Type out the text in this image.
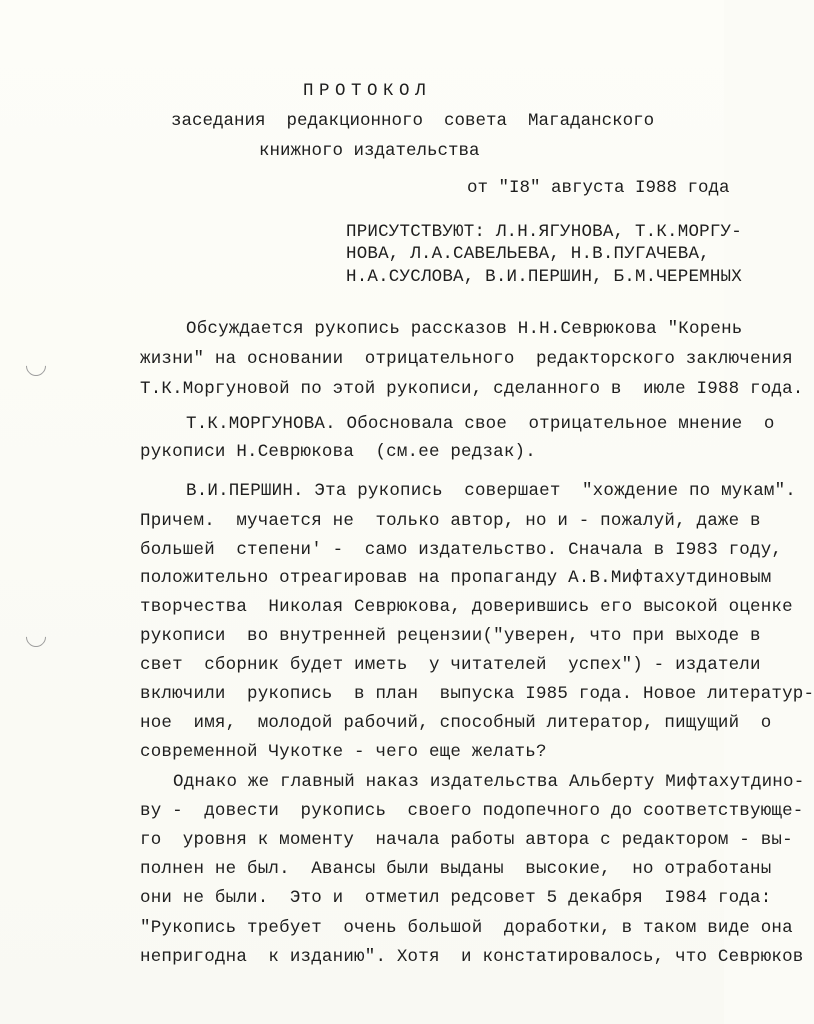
ПРОТОКОЛ
заседания  редакционного  совета  Магаданского
книжного издательства
от "I8" августа I988 года
ПРИСУТСТВУЮТ: Л.Н.ЯГУНОВА, Т.К.МОРГУ-
НОВА, Л.А.САВЕЛЬЕВА, Н.В.ПУГАЧЕВА,
Н.А.СУСЛОВА, В.И.ПЕРШИН, Б.М.ЧЕРЕМНЫХ
Обсуждается рукопись рассказов Н.Н.Севрюкова "Корень
жизни" на основании  отрицательного  редакторского заключения
Т.К.Моргуновой по этой рукописи, сделанного в  июле I988 года.
Т.К.МОРГУНОВА. Обосновала свое  отрицательное мнение  о
рукописи Н.Севрюкова  (см.ее редзак).
В.И.ПЕРШИН. Эта рукопись  совершает  "хождение по мукам".
Причем.  мучается не  только автор, но и - пожалуй, даже в
большей  степени' -  само издательство. Сначала в I983 году,
положительно отреагировав на пропаганду А.В.Мифтахутдиновым
творчества  Николая Севрюкова, доверившись его высокой оценке
рукописи  во внутренней рецензии("уверен, что при выходе в
свет  сборник будет иметь  у читателей  успех") - издатели
включили  рукопись  в план  выпуска I985 года. Новое литератур-
ное  имя,  молодой рабочий, способный литератор, пищущий  о
современной Чукотке - чего еще желать?
Однако же главный наказ издательства Альберту Мифтахутдино-
ву -  довести  рукопись  своего подопечного до соответствующе-
го  уровня к моменту  начала работы автора с редактором - вы-
полнен не был.  Авансы были выданы  высокие,  но отработаны
они не были.  Это и  отметил редсовет 5 декабря  I984 года:
"Рукопись требует  очень большой  доработки, в таком виде она
непригодна  к изданию". Хотя  и констатировалось, что Севрюков
